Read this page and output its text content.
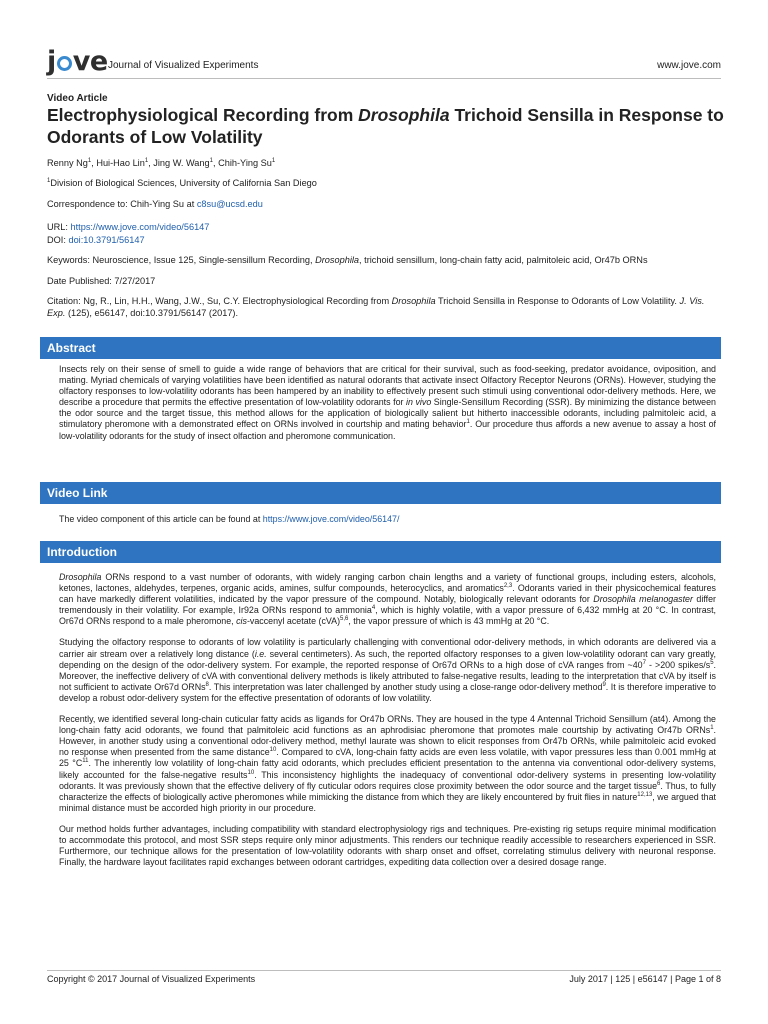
j ve Journal of Visualized Experiments	www.jove.com
Video Article
Electrophysiological Recording from Drosophila Trichoid Sensilla in Response to Odorants of Low Volatility
Renny Ng$^1$, Hui-Hao Lin$^1$, Jing W. Wang$^1$, Chih-Ying Su$^1$
$^1$Division of Biological Sciences, University of California San Diego
Correspondence to: Chih-Ying Su at c8su@ucsd.edu
URL: https://www.jove.com/video/56147
DOI: doi:10.3791/56147
Keywords: Neuroscience, Issue 125, Single-sensillum Recording, Drosophila, trichoid sensillum, long-chain fatty acid, palmitoleic acid, Or47b ORNs
Date Published: 7/27/2017
Citation: Ng, R., Lin, H.H., Wang, J.W., Su, C.Y. Electrophysiological Recording from Drosophila Trichoid Sensilla in Response to Odorants of Low Volatility. J. Vis. Exp. (125), e56147, doi:10.3791/56147 (2017).
Abstract

Insects rely on their sense of smell to guide a wide range of behaviors that are critical for their survival, such as food-seeking, predator avoidance, oviposition, and mating. Myriad chemicals of varying volatilities have been identified as natural odorants that activate insect Olfactory Receptor Neurons (ORNs). However, studying the olfactory responses to low-volatility odorants has been hampered by an inability to effectively present such stimuli using conventional odor-delivery methods. Here, we describe a procedure that permits the effective presentation of low-volatility odorants for in vivo Single-Sensillum Recording (SSR). By minimizing the distance between the odor source and the target tissue, this method allows for the application of biologically salient but hitherto inaccessible odorants, including palmitoleic acid, a stimulatory pheromone with a demonstrated effect on ORNs involved in courtship and mating behavior$^1$. Our procedure thus affords a new avenue to assay a host of low-volatility odorants for the study of insect olfaction and pheromone communication.

Video Link
The video component of this article can be found at https://www.jove.com/video/56147/
Introduction

Drosophila ORNs respond to a vast number of odorants, with widely ranging carbon chain lengths and a variety of functional groups, including esters, alcohols, ketones, lactones, aldehydes, terpenes, organic acids, amines, sulfur compounds, heterocyclics, and aromatics$^{2,3}$. Odorants varied in their physicochemical features can have markedly different volatilities, indicated by the vapor pressure of the compound. Notably, biologically relevant odorants for Drosophila melanogaster differ tremendously in their volatility. For example, Ir92a ORNs respond to ammonia$^4$, which is highly volatile, with a vapor pressure of 6,432 mmHg at 20 °C. In contrast, Or67d ORNs respond to a male pheromone, cis-vaccenyl acetate (cVA)$^{5,6}$, the vapor pressure of which is 43 mmHg at 20 °C.

Studying the olfactory response to odorants of low volatility is particularly challenging with conventional odor-delivery methods, in which odorants are delivered via a carrier air stream over a relatively long distance (i.e. several centimeters). As such, the reported olfactory responses to a given low-volatility odorant can vary greatly, depending on the design of the odor-delivery system. For example, the reported response of Or67d ORNs to a high dose of cVA ranges from $\sim 40^7 - >200$ spikes/$s^5$. Moreover, the ineffective delivery of cVA with conventional delivery methods is likely attributed to false-negative results, leading to the interpretation that cVA by itself is not sufficient to activate Or67d ORNs$^8$. This interpretation was later challenged by another study using a close-range odor-delivery method$^9$. It is therefore imperative to develop a robust odor-delivery system for the effective presentation of odorants of low volatility.

Recently, we identified several long-chain cuticular fatty acids as ligands for Or47b ORNs. They are housed in the type 4 Antennal Trichoid Sensillum (at4). Among the long-chain fatty acid odorants, we found that palmitoleic acid functions as an aphrodisiac pheromone that promotes male courtship by activating Or47b ORNs$^1$. However, in another study using a conventional odor-delivery method, methyl laurate was shown to elicit responses from Or47b ORNs, while palmitoleic acid evoked no response when presented from the same distance$^{10}$. Compared to cVA, long-chain fatty acids are even less volatile, with vapor pressures less than 0.001 mmHg at 25 $^\circ C^{11}$. The inherently low volatility of long-chain fatty acid odorants, which precludes efficient presentation to the antenna via conventional odor-delivery systems, likely accounted for the false-negative results$^{10}$. This inconsistency highlights the inadequacy of conventional odor-delivery systems in presenting low-volatility odorants. It was previously shown that the effective delivery of fly cuticular odors requires close proximity between the odor source and the target tissue$^6$. Thus, to fully characterize the effects of biologically active pheromones while mimicking the distance from which they are likely encountered by fruit flies in nature$^{12,13}$, we argued that minimal distance must be accorded high priority in our procedure.

Our method holds further advantages, including compatibility with standard electrophysiology rigs and techniques. Pre-existing rig setups require minimal modification to accommodate this protocol, and most SSR steps require only minor adjustments. This renders our technique readily accessible to researchers experienced in SSR. Furthermore, our technique allows for the presentation of low-volatility odorants with sharp onset and offset, correlating stimulus delivery with neuronal response. Finally, the hardware layout facilitates rapid exchanges between odorant cartridges, expediting data collection over a desired dosage range.

Copyright © 2017 Journal of Visualized Experiments	July 2017 | 125 | e56147 | Page 1 of 8
